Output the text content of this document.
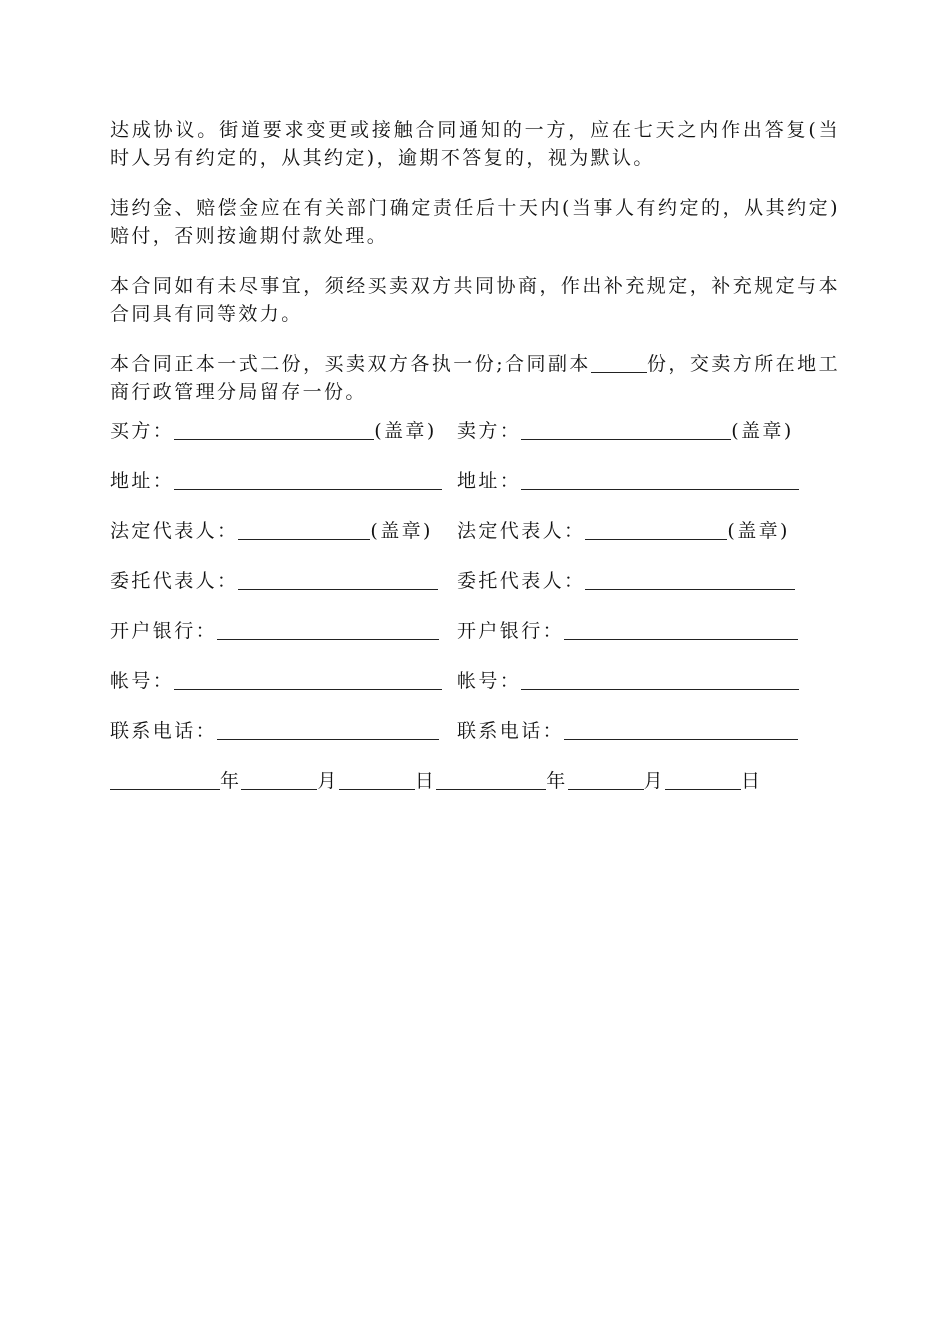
达成协议。街道要求变更或接触合同通知的一方，应在七天之内作出答复(当时人另有约定的，从其约定)，逾期不答复的，视为默认。

违约金、赔偿金应在有关部门确定责任后十天内(当事人有约定的，从其约定)赔付，否则按逾期付款处理。

本合同如有未尽事宜，须经买卖双方共同协商，作出补充规定，补充规定与本合同具有同等效力。

本合同正本一式二份，买卖双方各执一份;合同副本	份，交卖方所在地工商行政管理分局留存一份。

买方：	(盖章) 卖方：	(盖章)
地址：	地址：
法定代表人：	(盖章) 法定代表人：	(盖章)
委托代表人：	委托代表人：
开户银行：	开户银行：
帐号：	帐号：
联系电话：	联系电话：
年	月	日	年	月	日
